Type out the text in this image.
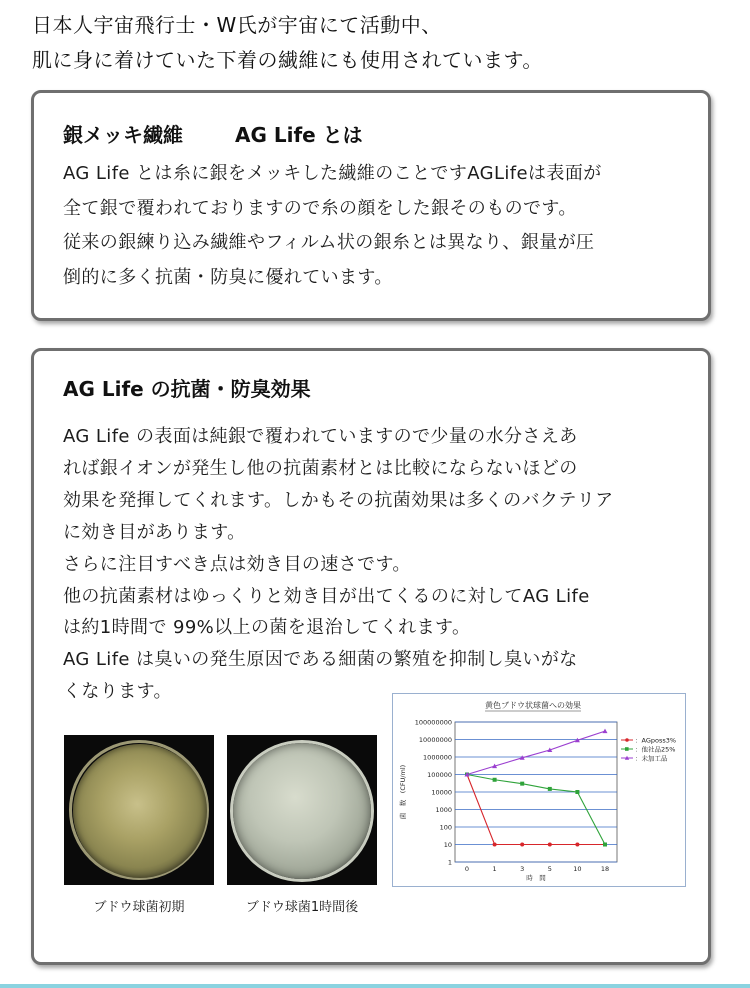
日本人宇宙飛行士・W氏が宇宙にて活動中、
肌に身に着けていた下着の繊維にも使用されています。
銀メッキ繊維	AG Life とは
AG Life とは糸に銀をメッキした繊維のことですAGLifeは表面が
全て銀で覆われておりますので糸の顔をした銀そのものです。
従来の銀練り込み繊維やフィルム状の銀糸とは異なり、銀量が圧
倒的に多く抗菌・防臭に優れています。
AG Life の抗菌・防臭効果
AG Life の表面は純銀で覆われていますので少量の水分さえあ
れば銀イオンが発生し他の抗菌素材とは比較にならないほどの
効果を発揮してくれます。しかもその抗菌効果は多くのバクテリア
に効き目があります。
さらに注目すべき点は効き目の速さです。
他の抗菌素材はゆっくりと効き目が出てくるのに対してAG Life
は約1時間で 99%以上の菌を退治してくれます。
AG Life は臭いの発生原因である細菌の繁殖を抑制し臭いがな
くなります。
ブドウ球菌初期	ブドウ球菌1時間後
黄色ブドウ状球菌への効果
1
10
100
1000
10000
100000
1000000
10000000
100000000
0	1	3	5	10	18
時　間
菌　数　(CFU/ml)
：AGposs3%
：他社品25%
：未加工品
